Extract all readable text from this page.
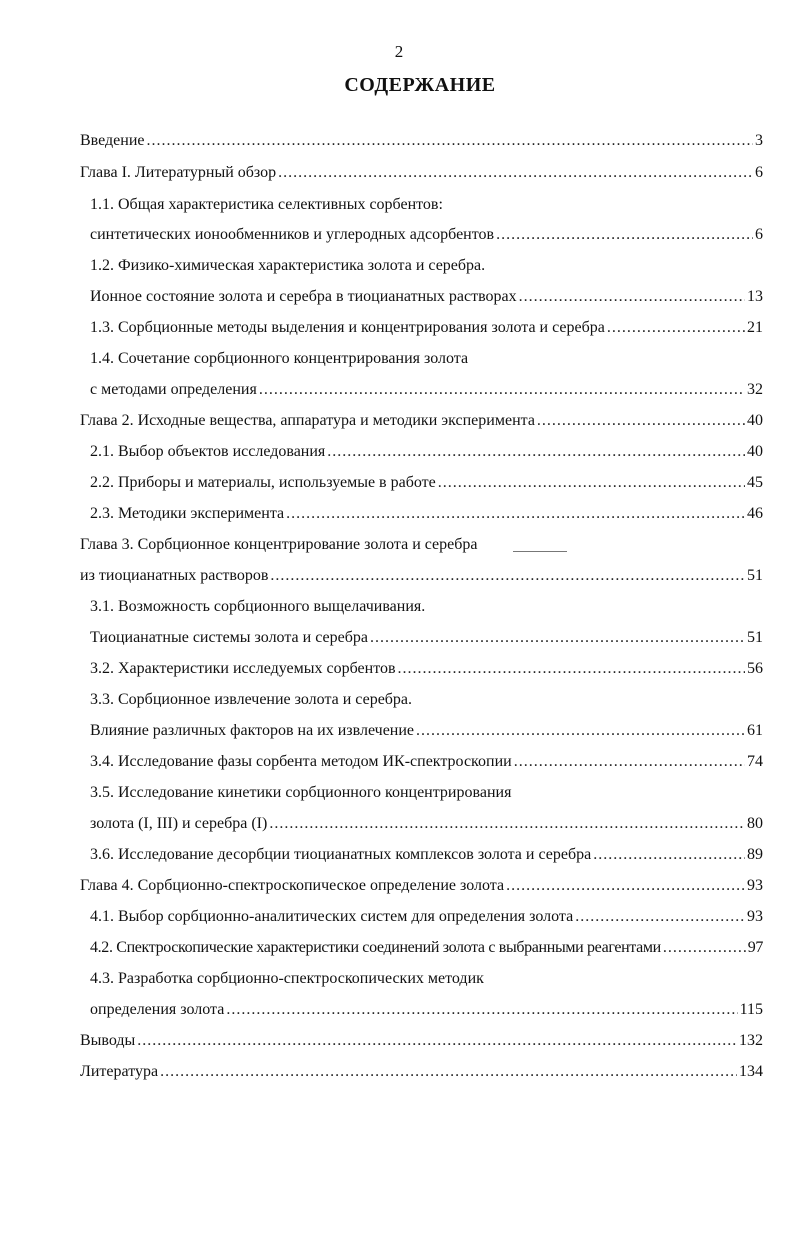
2
СОДЕРЖАНИЕ
Введение .....	3
Глава I. Литературный обзор .....	6
1.1. Общая характеристика селективных сорбентов:
синтетических ионообменников и углеродных адсорбентов .....	6
1.2. Физико-химическая характеристика золота и серебра.
Ионное состояние золота и серебра в тиоцианатных растворах .....	13
1.3. Сорбционные методы выделения и концентрирования золота и серебра .....	21
1.4. Сочетание сорбционного концентрирования золота
с методами определения .....	32
Глава 2. Исходные вещества, аппаратура и методики эксперимента .....	40
2.1. Выбор объектов исследования .....	40
2.2. Приборы и материалы, используемые в работе .....	45
2.3. Методики эксперимента .....	46
Глава 3. Сорбционное концентрирование золота и серебра
из тиоцианатных растворов .....	51
3.1. Возможность сорбционного выщелачивания.
Тиоцианатные системы золота и серебра .....	51
3.2. Характеристики исследуемых сорбентов .....	56
3.3. Сорбционное извлечение золота и серебра.
Влияние различных факторов на их извлечение .....	61
3.4. Исследование фазы сорбента методом ИК-спектроскопии .....	74
3.5. Исследование кинетики сорбционного концентрирования
золота (I, III) и серебра (I) .....	80
3.6. Исследование десорбции тиоцианатных комплексов золота и серебра .....	89
Глава 4. Сорбционно-спектроскопическое определение золота .....	93
4.1. Выбор сорбционно-аналитических систем для определения золота .....	93
4.2. Спектроскопические характеристики соединений золота с выбранными реагентами .....	97
4.3. Разработка сорбционно-спектроскопических методик
определения золота .....	115
Выводы .....	132
Литература .....	134
